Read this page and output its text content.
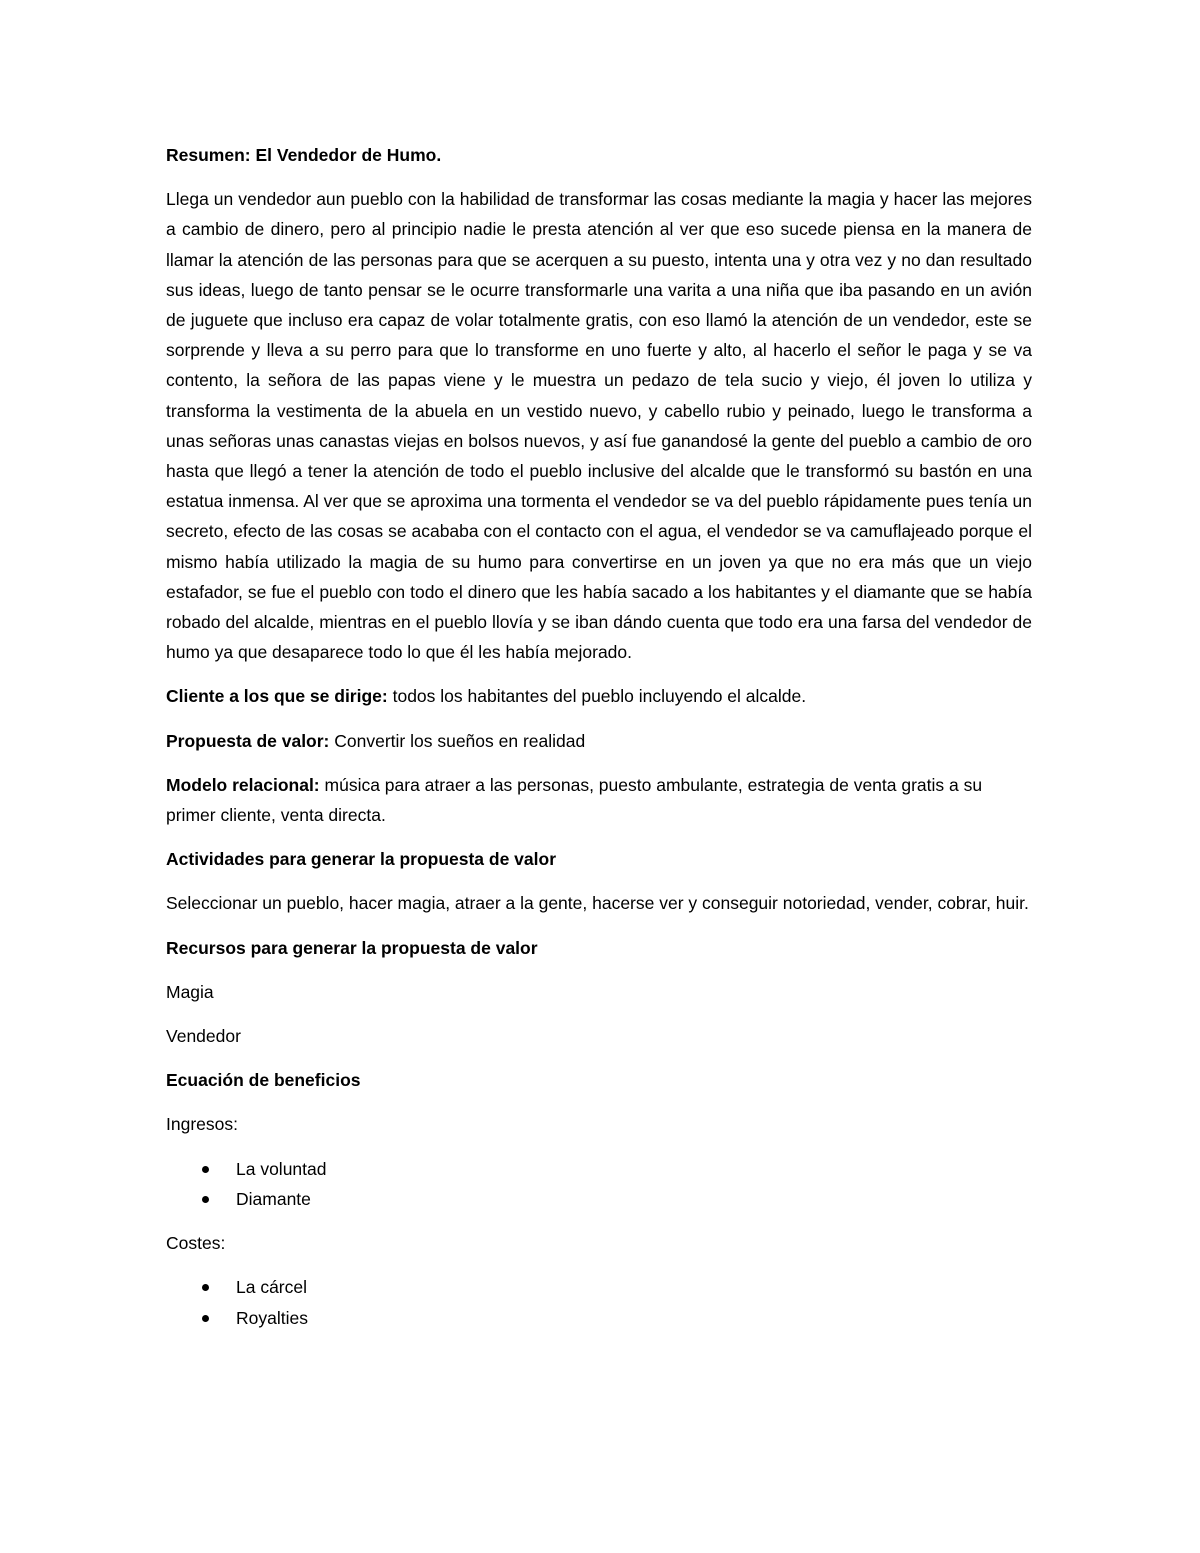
Resumen: El Vendedor de Humo.

Llega un vendedor aun pueblo con la habilidad de transformar las cosas mediante la magia y hacer las mejores a cambio de dinero, pero al principio nadie le presta atención al ver que eso sucede piensa en la manera de llamar la atención de las personas para que se acerquen a su puesto, intenta una y otra vez y no dan resultado sus ideas, luego de tanto pensar se le ocurre transformarle una varita a una niña que iba pasando en un avión de juguete que incluso era capaz de volar totalmente gratis, con eso llamó la atención de un vendedor, este se sorprende y lleva a su perro para que lo transforme en uno fuerte y alto, al hacerlo el señor le paga y se va contento, la señora de las papas viene y le muestra un pedazo de tela sucio y viejo, él joven lo utiliza y transforma la vestimenta de la abuela en un vestido nuevo, y cabello rubio y peinado, luego le transforma a unas señoras unas canastas viejas en bolsos nuevos, y así fue ganandosé la gente del pueblo a cambio de oro hasta que llegó a tener la atención de todo el pueblo inclusive del alcalde que le transformó su bastón en una estatua inmensa. Al ver que se aproxima una tormenta el vendedor se va del pueblo rápidamente pues tenía un secreto, efecto de las cosas se acababa con el contacto con el agua, el vendedor se va camuflajeado porque el mismo había utilizado la magia de su humo para convertirse en un joven ya que no era más que un viejo estafador, se fue el pueblo con todo el dinero que les había sacado a los habitantes y el diamante que se había robado del alcalde, mientras en el pueblo llovía y se iban dándo cuenta que todo era una farsa del vendedor de humo ya que desaparece todo lo que él les había mejorado.

Cliente a los que se dirige: todos los habitantes del pueblo incluyendo el alcalde.

Propuesta de valor: Convertir los sueños en realidad

Modelo relacional: música para atraer a las personas, puesto ambulante, estrategia de venta gratis a su primer cliente, venta directa.

Actividades para generar la propuesta de valor

Seleccionar un pueblo, hacer magia, atraer a la gente, hacerse ver y conseguir notoriedad, vender, cobrar, huir.

Recursos para generar la propuesta de valor

Magia

Vendedor

Ecuación de beneficios

Ingresos:

La voluntad
Diamante

Costes:

La cárcel
Royalties
